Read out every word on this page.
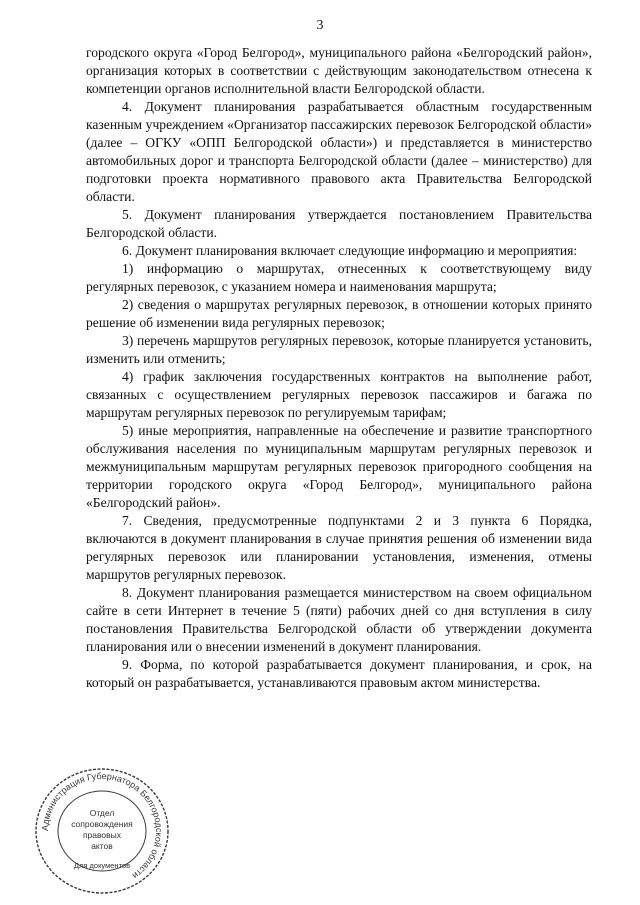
3

городского округа «Город Белгород», муниципального района «Белгородский район», организация которых в соответствии с действующим законодательством отнесена к компетенции органов исполнительной власти Белгородской области.

4. Документ планирования разрабатывается областным государственным казенным учреждением «Организатор пассажирских перевозок Белгородской области» (далее – ОГКУ «ОПП Белгородской области») и представляется в министерство автомобильных дорог и транспорта Белгородской области (далее – министерство) для подготовки проекта нормативного правового акта Правительства Белгородской области.

5. Документ планирования утверждается постановлением Правительства Белгородской области.

6. Документ планирования включает следующие информацию и мероприятия:

1) информацию о маршрутах, отнесенных к соответствующему виду регулярных перевозок, с указанием номера и наименования маршрута;

2) сведения о маршрутах регулярных перевозок, в отношении которых принято решение об изменении вида регулярных перевозок;

3) перечень маршрутов регулярных перевозок, которые планируется установить, изменить или отменить;

4) график заключения государственных контрактов на выполнение работ, связанных с осуществлением регулярных перевозок пассажиров и багажа по маршрутам регулярных перевозок по регулируемым тарифам;

5) иные мероприятия, направленные на обеспечение и развитие транспортного обслуживания населения по муниципальным маршрутам регулярных перевозок и межмуниципальным маршрутам регулярных перевозок пригородного сообщения на территории городского округа «Город Белгород», муниципального района «Белгородский район».

7. Сведения, предусмотренные подпунктами 2 и 3 пункта 6 Порядка, включаются в документ планирования в случае принятия решения об изменении вида регулярных перевозок или планировании установления, изменения, отмены маршрутов регулярных перевозок.

8. Документ планирования размещается министерством на своем официальном сайте в сети Интернет в течение 5 (пяти) рабочих дней со дня вступления в силу постановления Правительства Белгородской области об утверждении документа планирования или о внесении изменений в документ планирования.

9. Форма, по которой разрабатывается документ планирования, и срок, на который он разрабатывается, устанавливаются правовым актом министерства.

Администрация Губернатора Белгородской области
Отдел
сопровождения
правовых
актов
Для документов
